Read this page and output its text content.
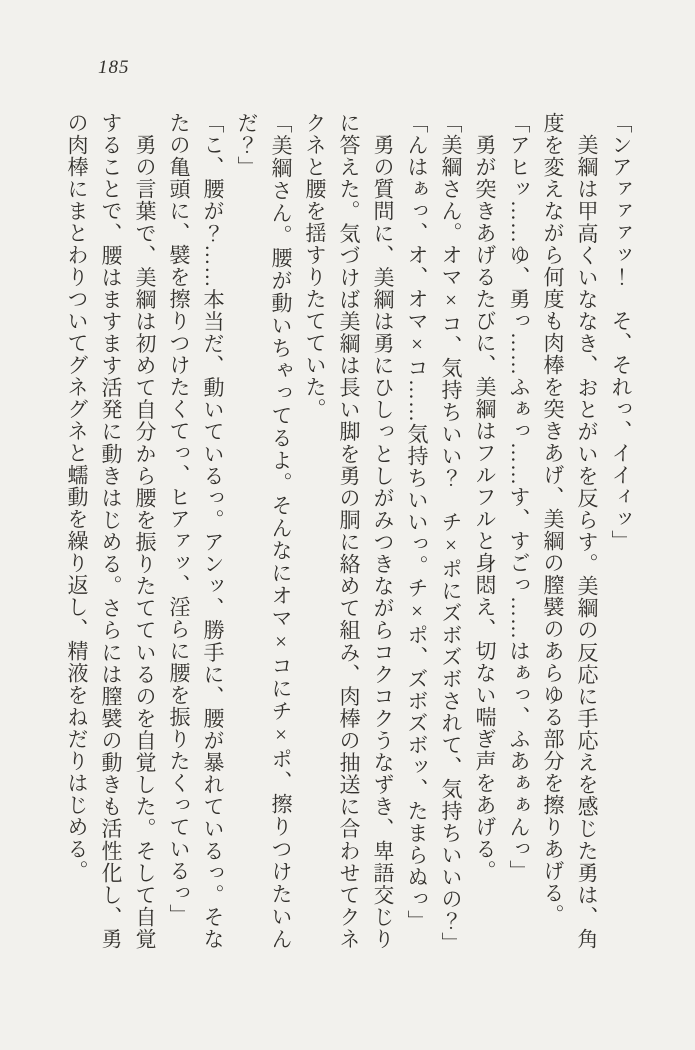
185

「ンアァァァッ！　そ、それっ、イイィッ」

　美綱は甲高くいななき、おとがいを反らす。美綱の反応に手応えを感じた勇は、角度を変えながら何度も肉棒を突きあげ、美綱の膣襞のあらゆる部分を擦りあげる。

「アヒッ……ゆ、勇っ……ふぁっ……す、すごっ……はぁっ、ふあぁぁんっ」

　勇が突きあげるたびに、美綱はフルフルと身悶え、切ない喘ぎ声をあげる。

「美綱さん。オマ×コ、気持ちいい？　チ×ポにズボズボされて、気持ちいいの？」

「んはぁっ、オ、オマ×コ……気持ちいいっ。チ×ポ、ズボズボッ、たまらぬっ」

　勇の質問に、美綱は勇にひしっとしがみつきながらコクコクうなずき、卑語交じりに答えた。気づけば美綱は長い脚を勇の胴に絡めて組み、肉棒の抽送に合わせてクネクネと腰を揺すりたてていた。

「美綱さん。腰が動いちゃってるよ。そんなにオマ×コにチ×ポ、擦りつけたいんだ？」

「こ、腰が？……本当だ、動いているっ。アンッ、勝手に、腰が暴れているっ。そなたの亀頭に、襞を擦りつけたくてっ、ヒアァッ、淫らに腰を振りたくっているっ」

　勇の言葉で、美綱は初めて自分から腰を振りたてているのを自覚した。そして自覚することで、腰はますます活発に動きはじめる。さらには膣襞の動きも活性化し、勇の肉棒にまとわりついてグネグネと蠕動を繰り返し、精液をねだりはじめる。
